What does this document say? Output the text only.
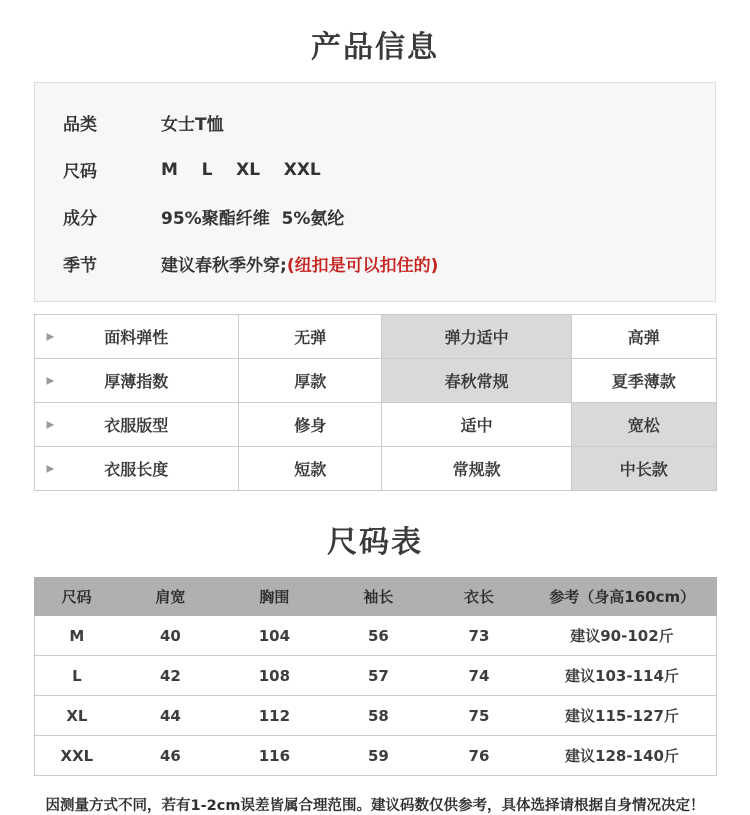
产品信息
品类	女士T恤
尺码	M    L    XL    XXL
成分	95%聚酯纤维  5%氨纶
季节	建议春秋季外穿;(纽扣是可以扣住的)
▶ 面料弹性	无弹	弹力适中	高弹

▶ 厚薄指数	厚款	春秋常规	夏季薄款

▶ 衣服版型	修身	适中	宽松

▶ 衣服长度	短款	常规款	中长款
尺码表
尺码	肩宽	胸围	袖长	衣长	参考（身高160cm）
M	40	104	56	73	建议90-102斤
L	42	108	57	74	建议103-114斤
XL	44	112	58	75	建议115-127斤
XXL	46	116	59	76	建议128-140斤
因测量方式不同，若有1-2cm误差皆属合理范围。建议码数仅供参考，具体选择请根据自身情况决定！
